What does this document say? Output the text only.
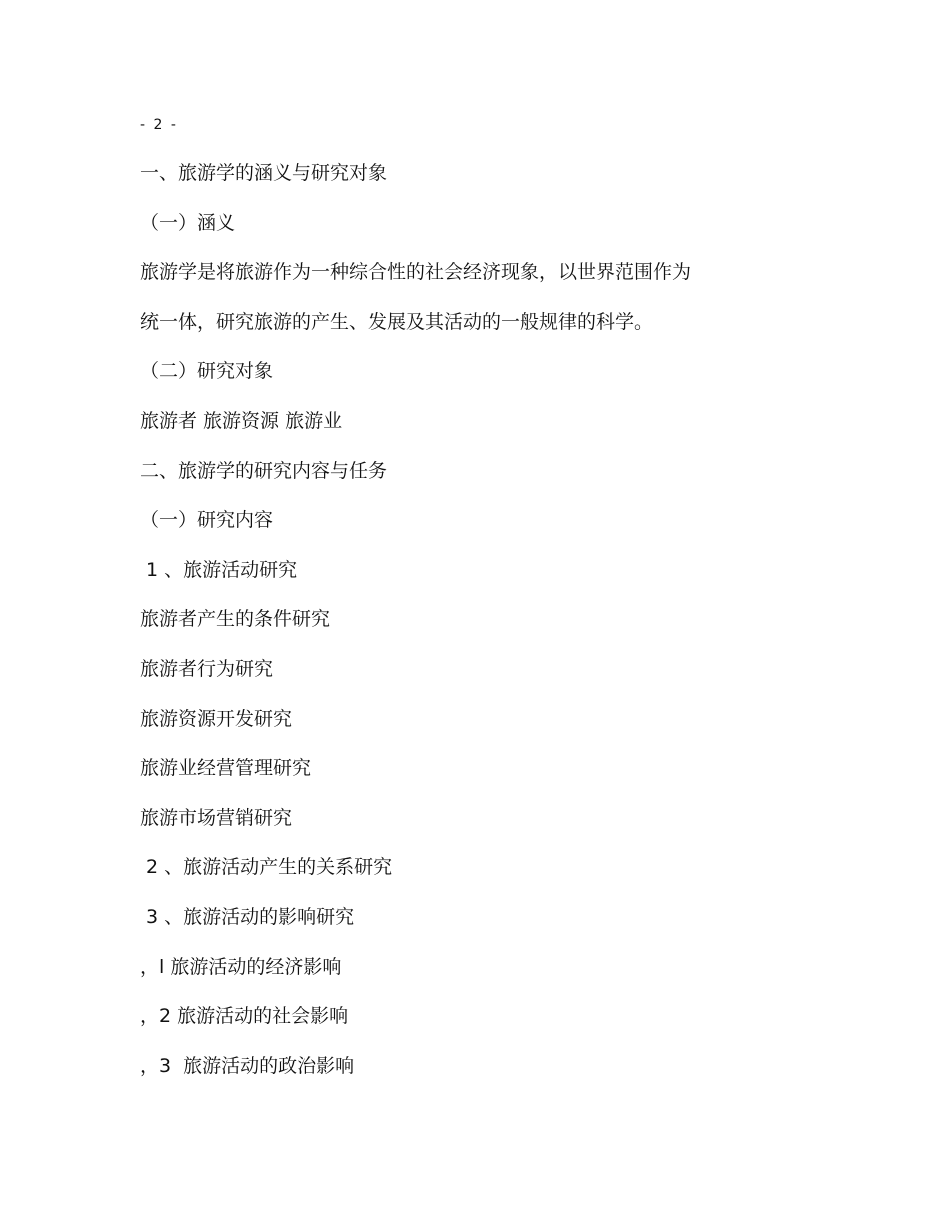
- 2 -
一、旅游学的涵义与研究对象
（一）涵义
旅游学是将旅游作为一种综合性的社会经济现象，以世界范围作为
统一体，研究旅游的产生、发展及其活动的一般规律的科学。
（二）研究对象
旅游者 旅游资源 旅游业
二、旅游学的研究内容与任务
（一）研究内容
1 、旅游活动研究
旅游者产生的条件研究
旅游者行为研究
旅游资源开发研究
旅游业经营管理研究
旅游市场营销研究
2 、旅游活动产生的关系研究
3 、旅游活动的影响研究
，l 旅游活动的经济影响
，2 旅游活动的社会影响
，3  旅游活动的政治影响
